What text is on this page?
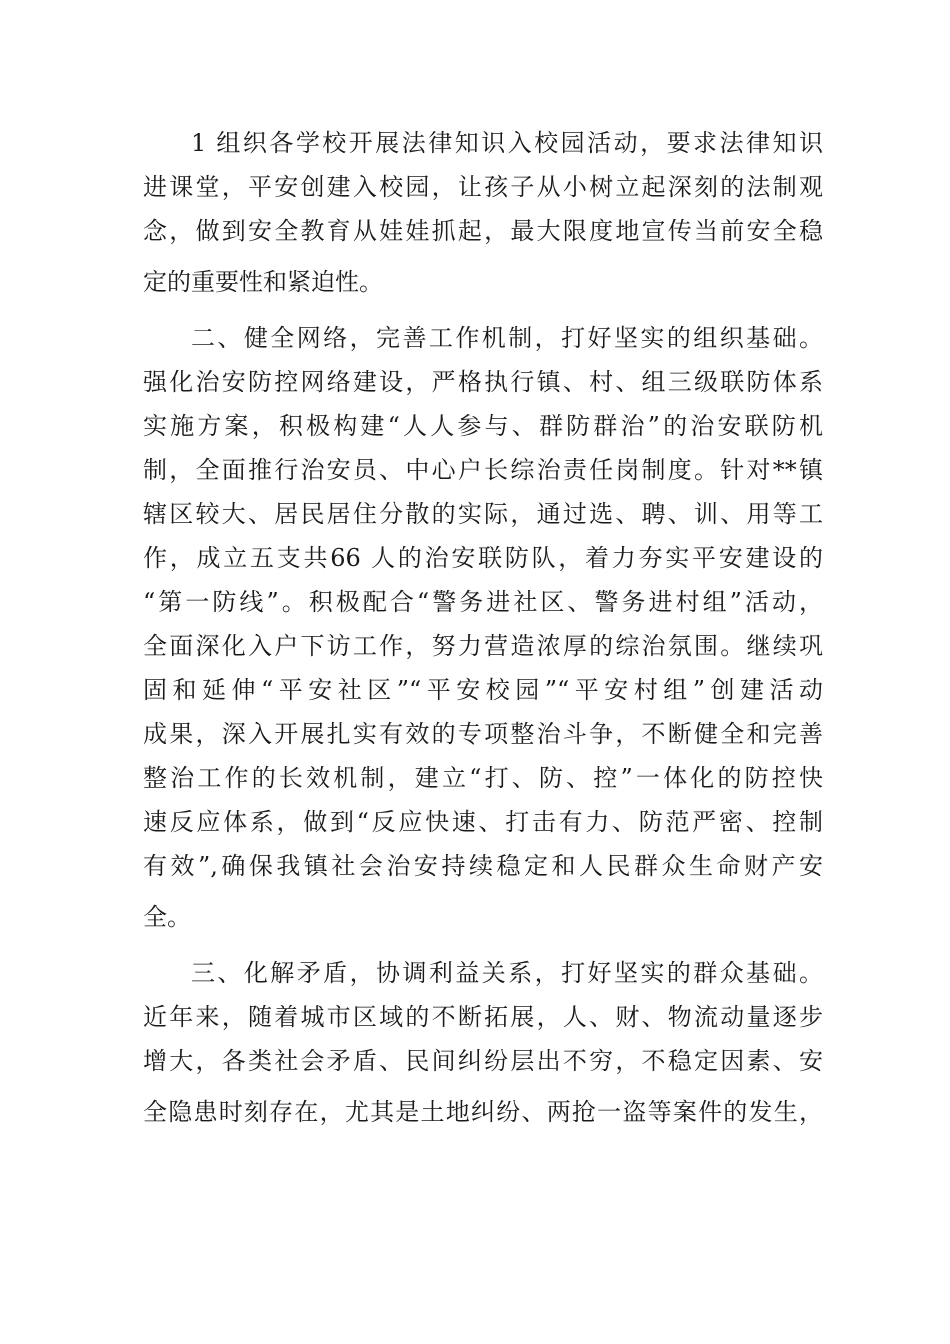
1 组织各学校开展法律知识入校园活动，要求法律知识
进课堂，平安创建入校园，让孩子从小树立起深刻的法制观
念，做到安全教育从娃娃抓起，最大限度地宣传当前安全稳
定的重要性和紧迫性。
二、健全网络，完善工作机制，打好坚实的组织基础。
强化治安防控网络建设，严格执行镇、村、组三级联防体系
实施方案，积极构建“人人参与、群防群治”的治安联防机
制，全面推行治安员、中心户长综治责任岗制度。针对**镇
辖区较大、居民居住分散的实际，通过选、聘、训、用等工
作，成立五支共66 人的治安联防队，着力夯实平安建设的
“第一防线”。积极配合“警务进社区、警务进村组”活动，
全面深化入户下访工作，努力营造浓厚的综治氛围。继续巩
固和延伸“平安社区”“平安校园”“平安村组”创建活动
成果，深入开展扎实有效的专项整治斗争，不断健全和完善
整治工作的长效机制，建立“打、防、控”一体化的防控快
速反应体系，做到“反应快速、打击有力、防范严密、控制
有效”,确保我镇社会治安持续稳定和人民群众生命财产安
全。
三、化解矛盾，协调利益关系，打好坚实的群众基础。
近年来，随着城市区域的不断拓展，人、财、物流动量逐步
增大，各类社会矛盾、民间纠纷层出不穷，不稳定因素、安
全隐患时刻存在，尤其是土地纠纷、两抢一盗等案件的发生，
